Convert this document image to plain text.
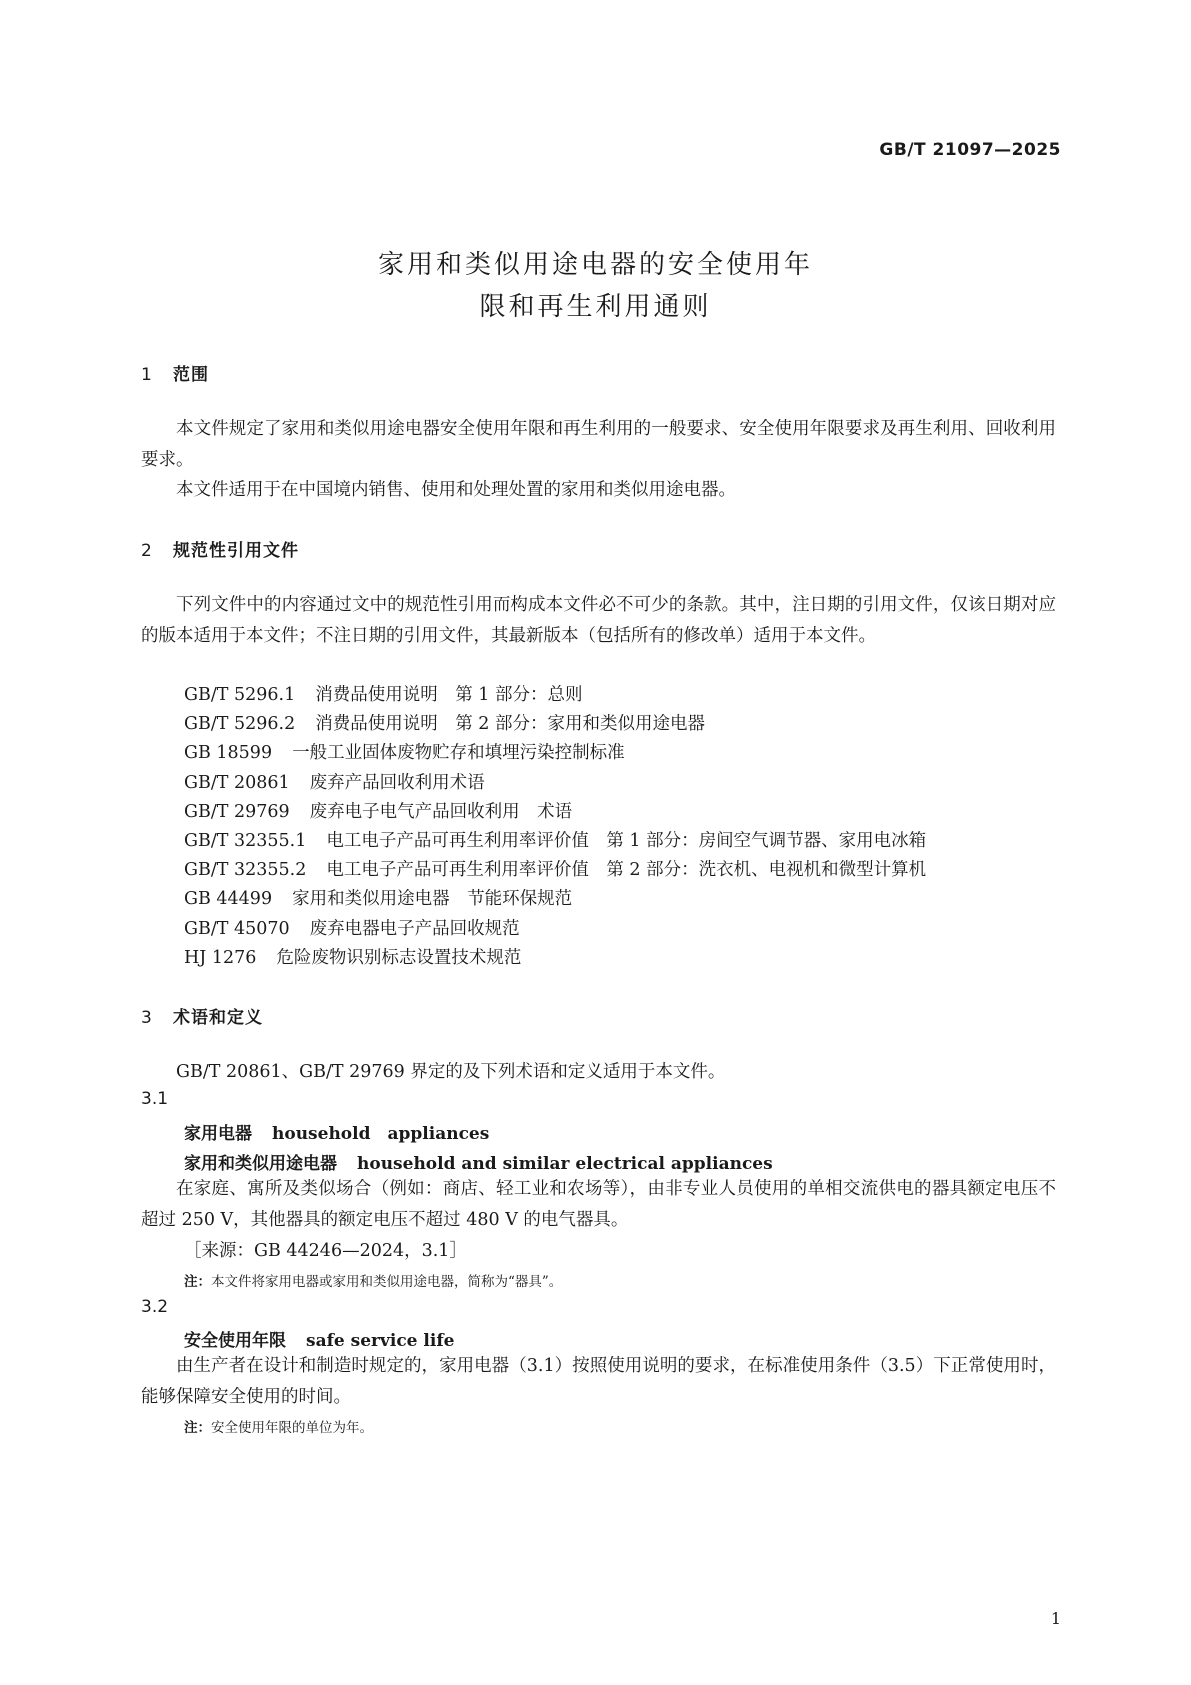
GB/T 21097—2025
家用和类似用途电器的安全使用年
限和再生利用通则
1 范围

本文件规定了家用和类似用途电器安全使用年限和再生利用的一般要求、安全使用年限要求及再生利用、回收利用要求。

本文件适用于在中国境内销售、使用和处理处置的家用和类似用途电器。

2 规范性引用文件

下列文件中的内容通过文中的规范性引用而构成本文件必不可少的条款。其中，注日期的引用文件，仅该日期对应的版本适用于本文件；不注日期的引用文件，其最新版本（包括所有的修改单）适用于本文件。

GB/T 5296.1 消费品使用说明　第 1 部分：总则
GB/T 5296.2 消费品使用说明　第 2 部分：家用和类似用途电器
GB 18599 一般工业固体废物贮存和填埋污染控制标准
GB/T 20861 废弃产品回收利用术语
GB/T 29769 废弃电子电气产品回收利用　术语
GB/T 32355.1 电工电子产品可再生利用率评价值　第 1 部分：房间空气调节器、家用电冰箱
GB/T 32355.2 电工电子产品可再生利用率评价值　第 2 部分：洗衣机、电视机和微型计算机
GB 44499 家用和类似用途电器　节能环保规范
GB/T 45070 废弃电器电子产品回收规范
HJ 1276 危险废物识别标志设置技术规范
3 术语和定义

GB/T 20861、GB/T 29769 界定的及下列术语和定义适用于本文件。

3.1
家用电器 household　appliances
家用和类似用途电器 household and similar electrical appliances

在家庭、寓所及类似场合（例如：商店、轻工业和农场等），由非专业人员使用的单相交流供电的器具额定电压不超过 250 V，其他器具的额定电压不超过 480 V 的电气器具。

［来源：GB 44246—2024，3.1］
注：本文件将家用电器或家用和类似用途电器，简称为“器具”。
3.2
安全使用年限 safe service life

由生产者在设计和制造时规定的，家用电器（3.1）按照使用说明的要求，在标准使用条件（3.5）下正常使用时，能够保障安全使用的时间。

注：安全使用年限的单位为年。
1
